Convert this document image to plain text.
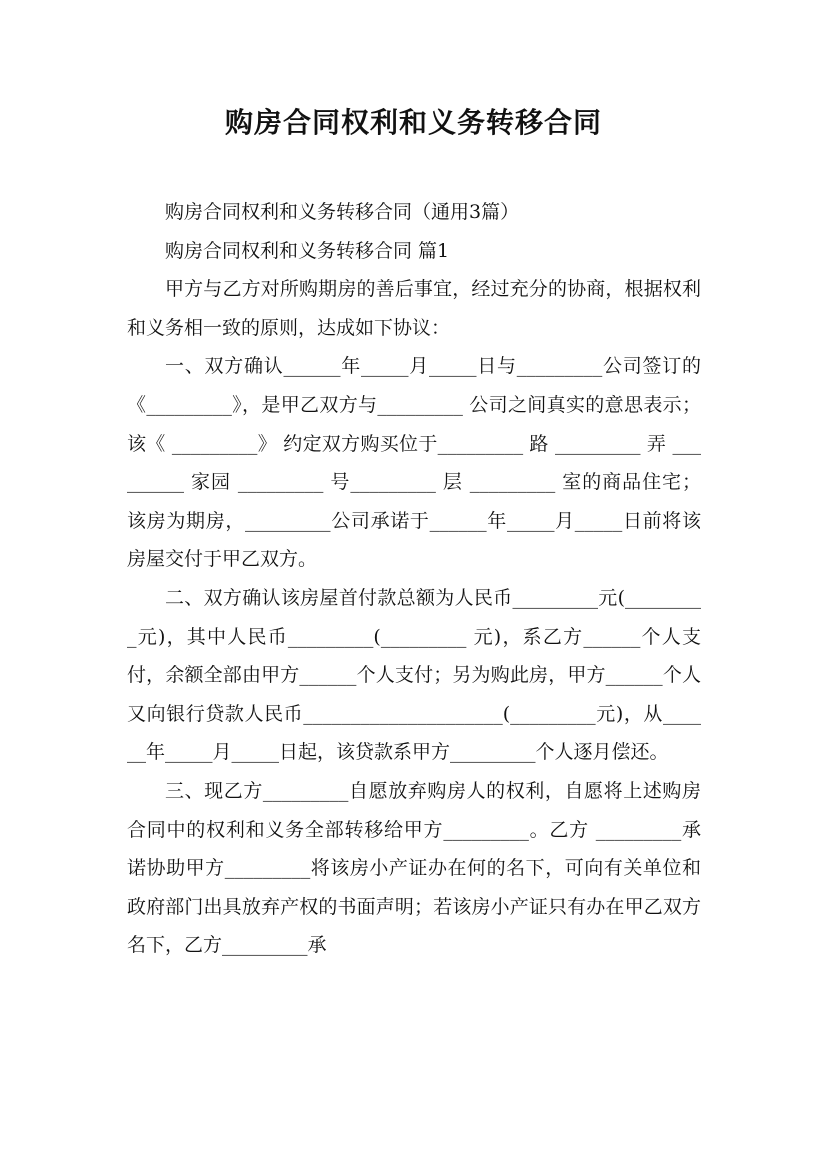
购房合同权利和义务转移合同

购房合同权利和义务转移合同（通用3篇）

购房合同权利和义务转移合同 篇1

甲方与乙方对所购期房的善后事宜，经过充分的协商，根据权利和义务相一致的原则，达成如下协议：

一、双方确认______年_____月_____日与_________公司签订的《_________》，是甲乙双方与_________ 公司之间真实的意思表示；该《 _________》 约定双方购买位于_________ 路 _________ 弄 _________ 家园 _________ 号_________ 层 _________ 室的商品住宅；该房为期房，_________公司承诺于______年_____月_____日前将该房屋交付于甲乙双方。

二、双方确认该房屋首付款总额为人民币_________元(_________元)，其中人民币_________(_________ 元)，系乙方______个人支付，余额全部由甲方______个人支付；另为购此房，甲方______个人又向银行贷款人民币_____________________(_________元)，从______年_____月_____日起，该贷款系甲方_________个人逐月偿还。

三、现乙方_________自愿放弃购房人的权利，自愿将上述购房合同中的权利和义务全部转移给甲方_________。乙方 _________承诺协助甲方_________将该房小产证办在何的名下，可向有关单位和政府部门出具放弃产权的书面声明；若该房小产证只有办在甲乙双方名下，乙方_________承
